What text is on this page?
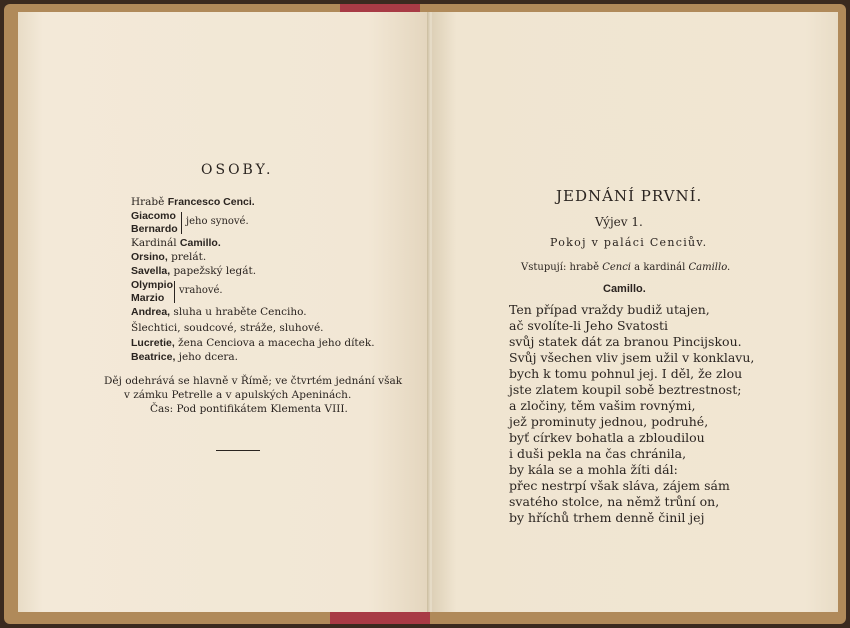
OSOBY.
Hrabě Francesco Cenci.
Giacomo
Bernardo
jeho synové.
Kardinál Camillo.
Orsino, prelát.
Savella, papežský legát.
Olympio
Marzio
vrahové.
Andrea, sluha u hraběte Cenciho.
Šlechtici, soudcové, stráže, sluhové.
Lucretie, žena Cenciova a macecha jeho dítek.
Beatrice, jeho dcera.
Děj odehrává se hlavně v Římě; ve čtvrtém jednání však
v zámku Petrelle a v apulských Apeninách.
Čas: Pod pontifikátem Klementa VIII.
JEDNÁNÍ PRVNÍ.
Výjev 1.
Pokoj v paláci Cenciův.
Vstupují: hrabě Cenci a kardinál Camillo.
Camillo.
Ten případ vraždy budiž utajen,
ač svolíte-li Jeho Svatosti
svůj statek dát za branou Pincijskou.
Svůj všechen vliv jsem užil v konklavu,
bych k tomu pohnul jej. I děl, že zlou
jste zlatem koupil sobě beztrestnost;
a zločiny, těm vašim rovnými,
jež prominuty jednou, podruhé,
byť církev bohatla a zbloudilou
i duši pekla na čas chránila,
by kála se a mohla žíti dál:
přec nestrpí však sláva, zájem sám
svatého stolce, na němž trůní on,
by hříchů trhem denně činil jej
